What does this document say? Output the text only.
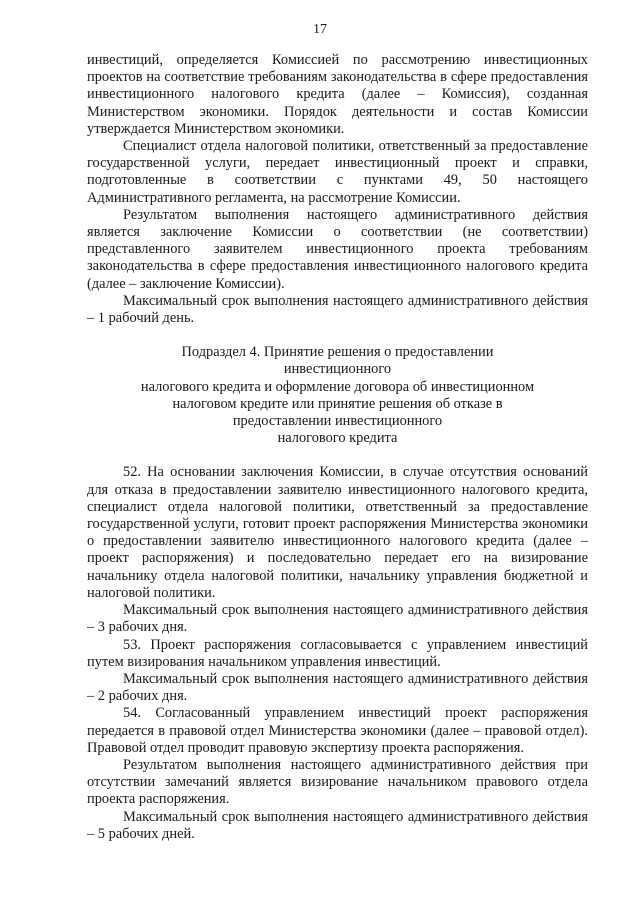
17

инвестиций, определяется Комиссией по рассмотрению инвестиционных проектов на соответствие требованиям законодательства в сфере предоставления инвестиционного налогового кредита (далее – Комиссия), созданная Министерством экономики. Порядок деятельности и состав Комиссии утверждается Министерством экономики.

Специалист отдела налоговой политики, ответственный за предоставление государственной услуги, передает инвестиционный проект и справки, подготовленные в соответствии с пунктами 49, 50 настоящего Административного регламента, на рассмотрение Комиссии.

Результатом выполнения настоящего административного действия является заключение Комиссии о соответствии (не соответствии) представленного заявителем инвестиционного проекта требованиям законодательства в сфере предоставления инвестиционного налогового кредита (далее – заключение Комиссии).

Максимальный срок выполнения настоящего административного действия – 1 рабочий день.

Подраздел 4. Принятие решения о предоставлении инвестиционного
налогового кредита и оформление договора об инвестиционном
налоговом кредите или принятие решения об отказе в
предоставлении инвестиционного
налогового кредита

52. На основании заключения Комиссии, в случае отсутствия оснований для отказа в предоставлении заявителю инвестиционного налогового кредита, специалист отдела налоговой политики, ответственный за предоставление государственной услуги, готовит проект распоряжения Министерства экономики о предоставлении заявителю инвестиционного налогового кредита (далее – проект распоряжения) и последовательно передает его на визирование начальнику отдела налоговой политики, начальнику управления бюджетной и налоговой политики.

Максимальный срок выполнения настоящего административного действия – 3 рабочих дня.

53. Проект распоряжения согласовывается с управлением инвестиций путем визирования начальником управления инвестиций.

Максимальный срок выполнения настоящего административного действия – 2 рабочих дня.

54. Согласованный управлением инвестиций проект распоряжения передается в правовой отдел Министерства экономики (далее – правовой отдел). Правовой отдел проводит правовую экспертизу проекта распоряжения.

Результатом выполнения настоящего административного действия при отсутствии замечаний является визирование начальником правового отдела проекта распоряжения.

Максимальный срок выполнения настоящего административного действия – 5 рабочих дней.
